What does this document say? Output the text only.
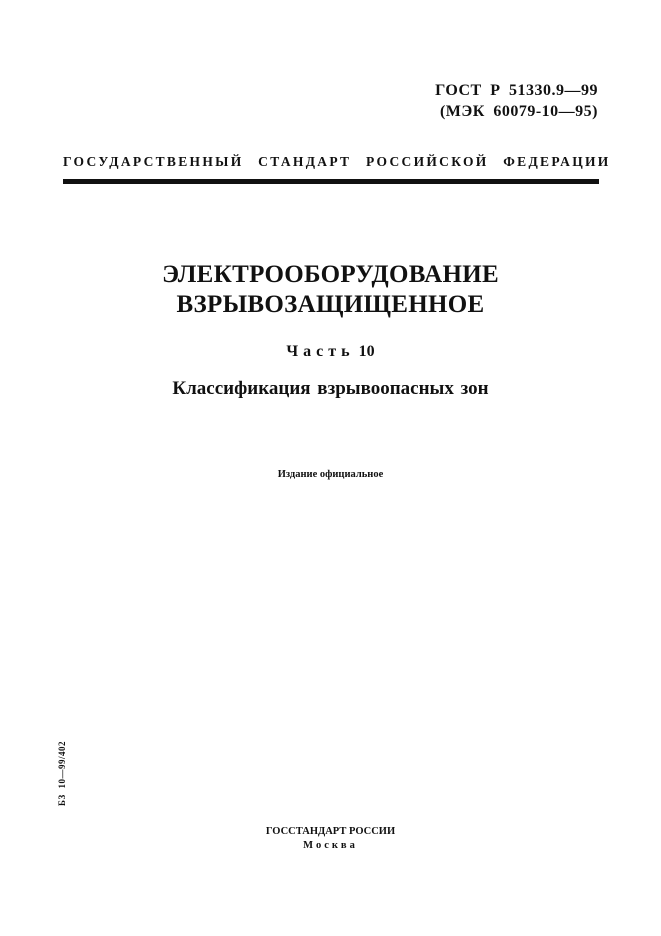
ГОСТ Р 51330.9—99
(МЭК 60079-10—95)
ГОСУДАРСТВЕННЫЙ СТАНДАРТ РОССИЙСКОЙ ФЕДЕРАЦИИ
ЭЛЕКТРООБОРУДОВАНИЕ
ВЗРЫВОЗАЩИЩЕННОЕ
Часть 10
Классификация взрывоопасных зон
Издание официальное
БЗ 10—99/402
ГОССТАНДАРТ РОССИИ
Москва
